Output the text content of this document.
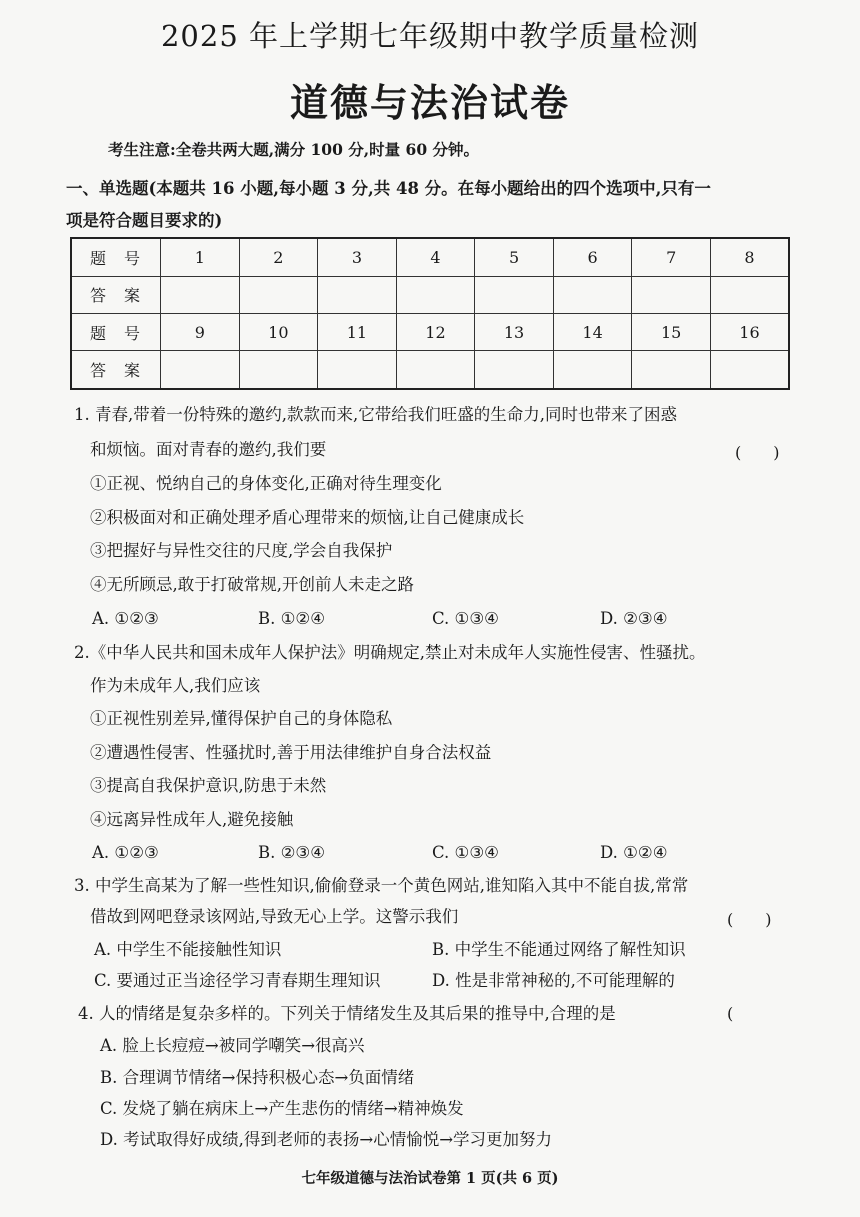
2025 年上学期七年级期中教学质量检测
道德与法治试卷
考生注意:全卷共两大题,满分 100 分,时量 60 分钟。
一、单选题(本题共 16 小题,每小题 3 分,共 48 分。在每小题给出的四个选项中,只有一
项是符合题目要求的)
题号	1	2	3	4	5	6	7	8
答案								
题号	9	10	11	12	13	14	15	16
答案								
1. 青春,带着一份特殊的邀约,款款而来,它带给我们旺盛的生命力,同时也带来了困惑
和烦恼。面对青春的邀约,我们要	(　　)
①正视、悦纳自己的身体变化,正确对待生理变化
②积极面对和正确处理矛盾心理带来的烦恼,让自己健康成长
③把握好与异性交往的尺度,学会自我保护
④无所顾忌,敢于打破常规,开创前人未走之路
A. ①②③	B. ①②④	C. ①③④	D. ②③④
2.《中华人民共和国未成年人保护法》明确规定,禁止对未成年人实施性侵害、性骚扰。
作为未成年人,我们应该
①正视性别差异,懂得保护自己的身体隐私
②遭遇性侵害、性骚扰时,善于用法律维护自身合法权益
③提高自我保护意识,防患于未然
④远离异性成年人,避免接触
A. ①②③	B. ②③④	C. ①③④	D. ①②④
3. 中学生高某为了解一些性知识,偷偷登录一个黄色网站,谁知陷入其中不能自拔,常常
借故到网吧登录该网站,导致无心上学。这警示我们	(　　)
A. 中学生不能接触性知识	B. 中学生不能通过网络了解性知识
C. 要通过正当途径学习青春期生理知识	D. 性是非常神秘的,不可能理解的
4. 人的情绪是复杂多样的。下列关于情绪发生及其后果的推导中,合理的是	(
A. 脸上长痘痘→被同学嘲笑→很高兴
B. 合理调节情绪→保持积极心态→负面情绪
C. 发烧了躺在病床上→产生悲伤的情绪→精神焕发
D. 考试取得好成绩,得到老师的表扬→心情愉悦→学习更加努力
七年级道德与法治试卷第 1 页(共 6 页)
